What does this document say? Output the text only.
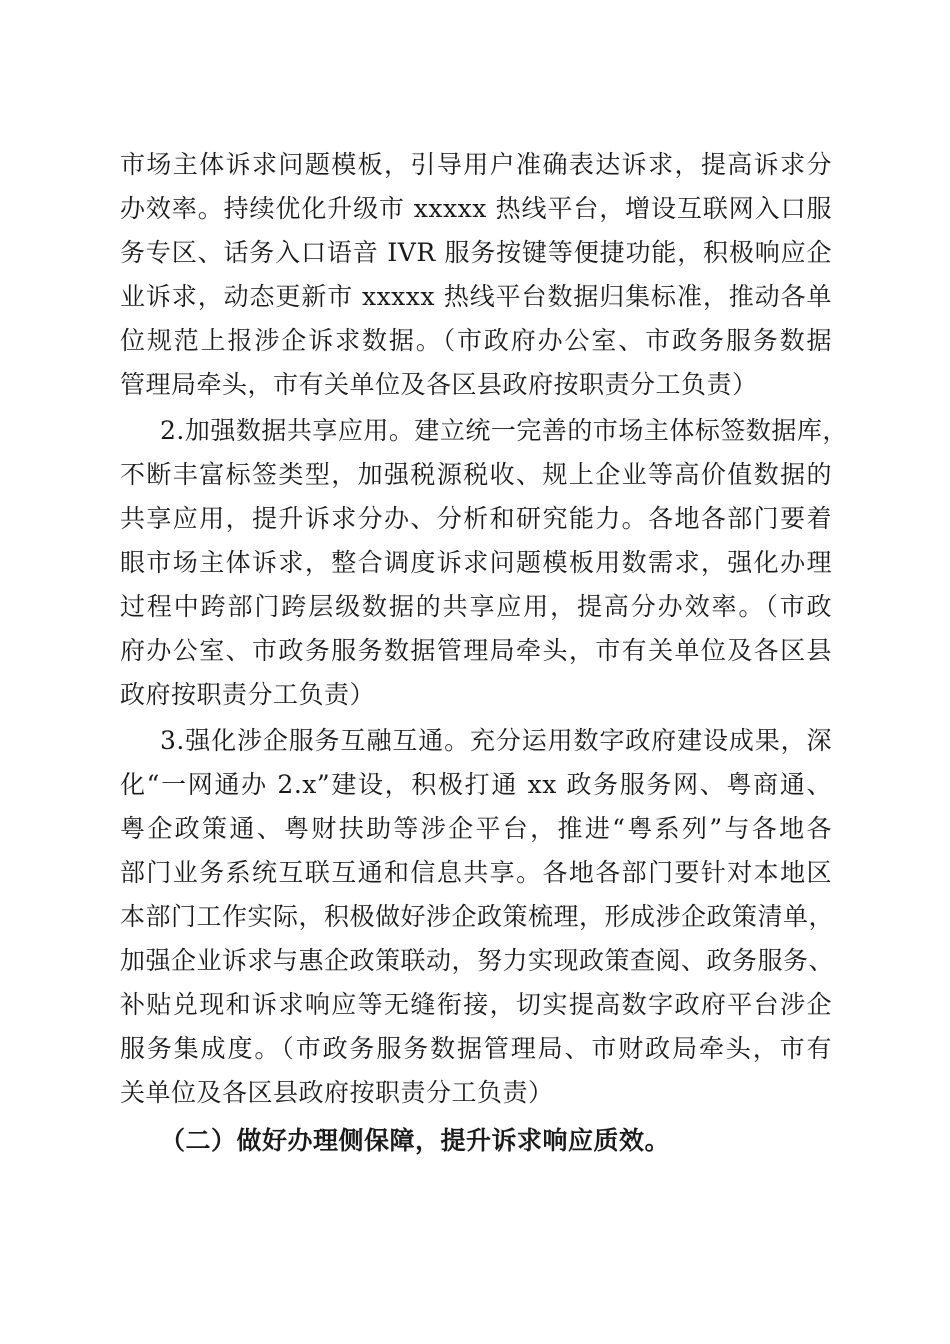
市场主体诉求问题模板，引导用户准确表达诉求，提高诉求分
办效率。持续优化升级市 xxxxx 热线平台，增设互联网入口服
务专区、话务入口语音 IVR 服务按键等便捷功能，积极响应企
业诉求，动态更新市 xxxxx 热线平台数据归集标准，推动各单
位规范上报涉企诉求数据。（市政府办公室、市政务服务数据
管理局牵头，市有关单位及各区县政府按职责分工负责）
2.加强数据共享应用。建立统一完善的市场主体标签数据库，
不断丰富标签类型，加强税源税收、规上企业等高价值数据的
共享应用，提升诉求分办、分析和研究能力。各地各部门要着
眼市场主体诉求，整合调度诉求问题模板用数需求，强化办理
过程中跨部门跨层级数据的共享应用，提高分办效率。（市政
府办公室、市政务服务数据管理局牵头，市有关单位及各区县
政府按职责分工负责）
3.强化涉企服务互融互通。充分运用数字政府建设成果，深
化“一网通办 2.x”建设，积极打通 xx 政务服务网、粤商通、
粤企政策通、粤财扶助等涉企平台，推进“粤系列”与各地各
部门业务系统互联互通和信息共享。各地各部门要针对本地区
本部门工作实际，积极做好涉企政策梳理，形成涉企政策清单，
加强企业诉求与惠企政策联动，努力实现政策查阅、政务服务、
补贴兑现和诉求响应等无缝衔接，切实提高数字政府平台涉企
服务集成度。（市政务服务数据管理局、市财政局牵头，市有
关单位及各区县政府按职责分工负责）
（二）做好办理侧保障，提升诉求响应质效。
